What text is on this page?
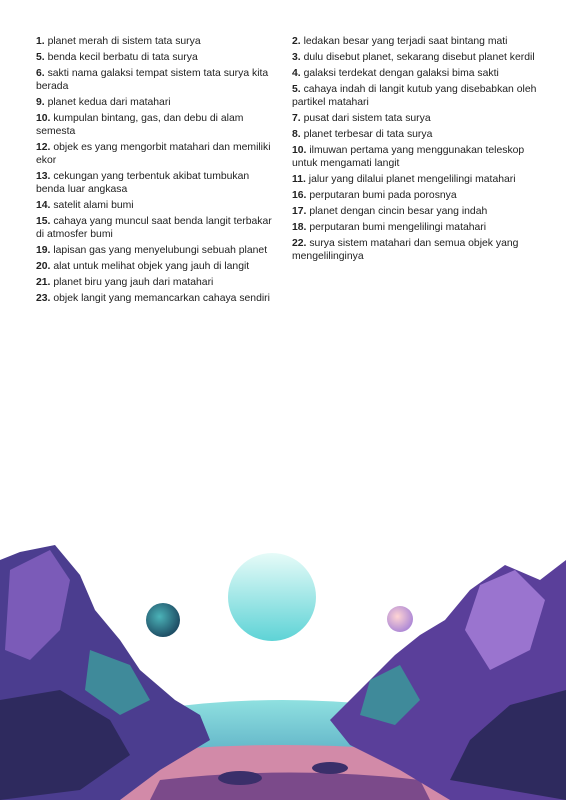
1. planet merah di sistem tata surya
5. benda kecil berbatu di tata surya
6. sakti nama galaksi tempat sistem tata surya kita berada
9. planet kedua dari matahari
10. kumpulan bintang, gas, dan debu di alam semesta
12. objek es yang mengorbit matahari dan memiliki ekor
13. cekungan yang terbentuk akibat tumbukan benda luar angkasa
14. satelit alami bumi
15. cahaya yang muncul saat benda langit terbakar di atmosfer bumi
19. lapisan gas yang menyelubungi sebuah planet
20. alat untuk melihat objek yang jauh di langit
21. planet biru yang jauh dari matahari
23. objek langit yang memancarkan cahaya sendiri
2. ledakan besar yang terjadi saat bintang mati
3. dulu disebut planet, sekarang disebut planet kerdil
4. galaksi terdekat dengan galaksi bima sakti
5. cahaya indah di langit kutub yang disebabkan oleh partikel matahari
7. pusat dari sistem tata surya
8. planet terbesar di tata surya
10. ilmuwan pertama yang menggunakan teleskop untuk mengamati langit
11. jalur yang dilalui planet mengelilingi matahari
16. perputaran bumi pada porosnya
17. planet dengan cincin besar yang indah
18. perputaran bumi mengelilingi matahari
22. surya sistem matahari dan semua objek yang mengelilinginya
